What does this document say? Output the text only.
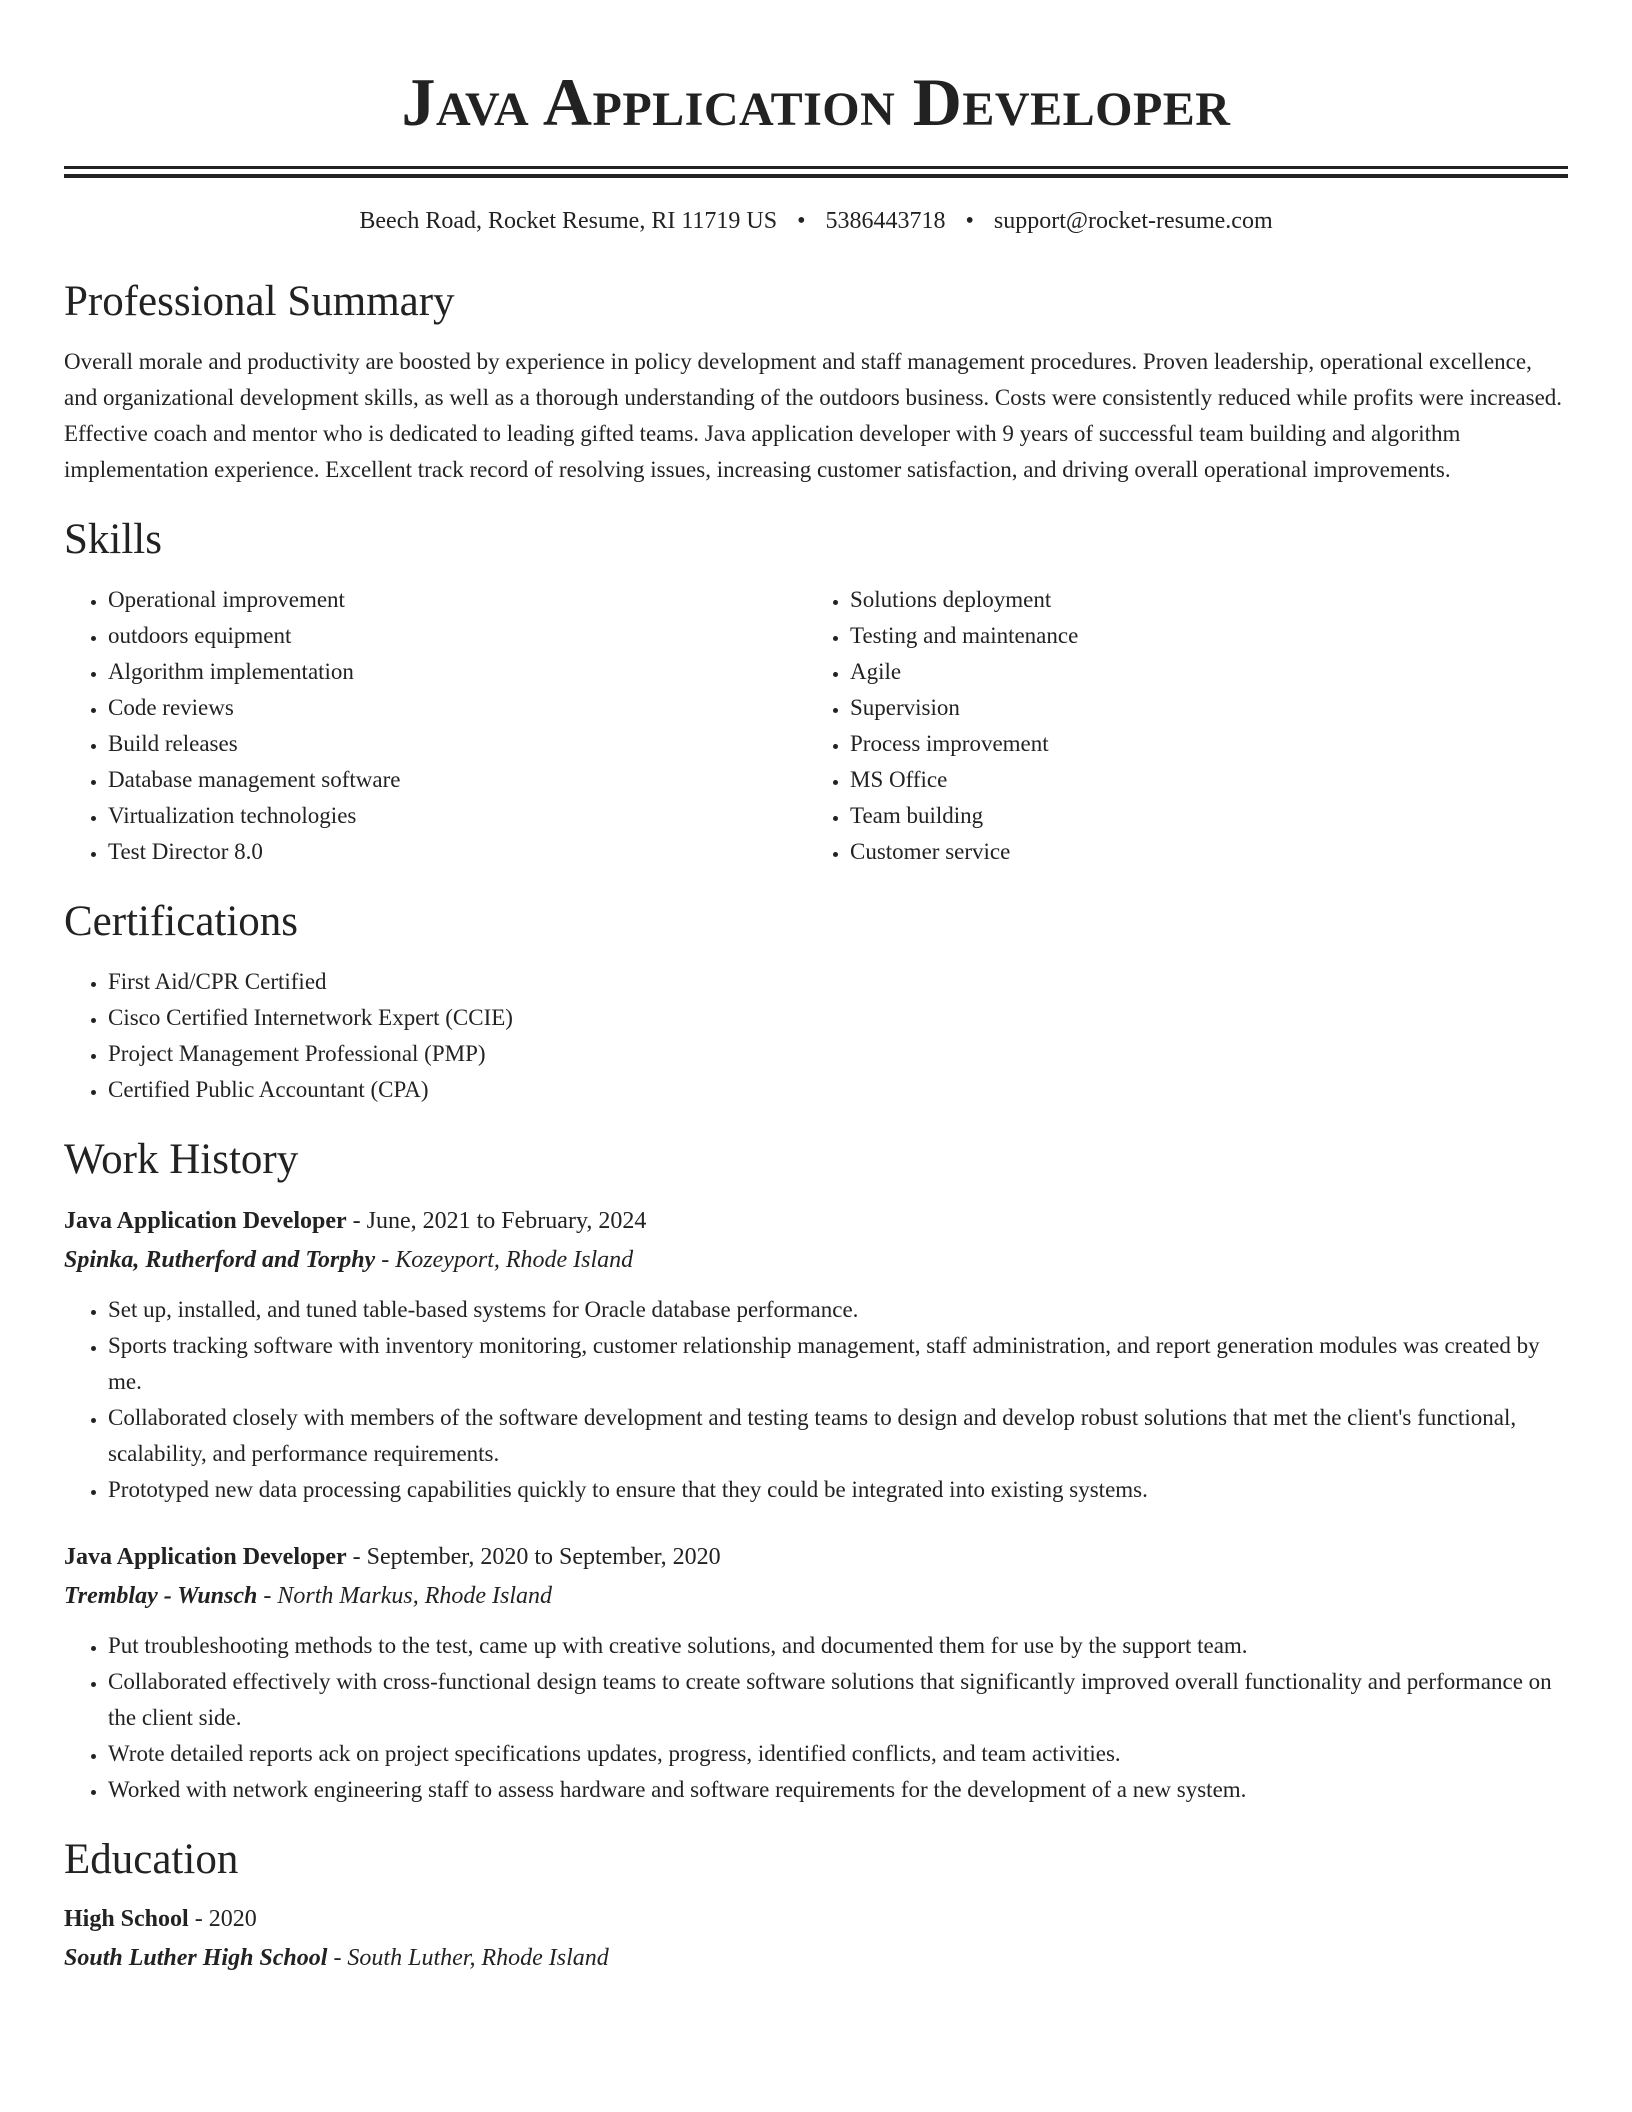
Java Application Developer
Beech Road, Rocket Resume, RI 11719 US • 5386443718 • support@rocket-resume.com
Professional Summary

Overall morale and productivity are boosted by experience in policy development and staff management procedures. Proven leadership, operational excellence, and organizational development skills, as well as a thorough understanding of the outdoors business. Costs were consistently reduced while profits were increased. Effective coach and mentor who is dedicated to leading gifted teams. Java application developer with 9 years of successful team building and algorithm implementation experience. Excellent track record of resolving issues, increasing customer satisfaction, and driving overall operational improvements.

Skills
• Operational improvement
• outdoors equipment
• Algorithm implementation
• Code reviews
• Build releases
• Database management software
• Virtualization technologies
• Test Director 8.0
• Solutions deployment
• Testing and maintenance
• Agile
• Supervision
• Process improvement
• MS Office
• Team building
• Customer service
Certifications
• First Aid/CPR Certified
• Cisco Certified Internetwork Expert (CCIE)
• Project Management Professional (PMP)
• Certified Public Accountant (CPA)
Work History
Java Application Developer - June, 2021 to February, 2024
Spinka, Rutherford and Torphy - Kozeyport, Rhode Island
• Set up, installed, and tuned table-based systems for Oracle database performance.
• Sports tracking software with inventory monitoring, customer relationship management, staff administration, and report generation modules was created by me.
• Collaborated closely with members of the software development and testing teams to design and develop robust solutions that met the client's functional, scalability, and performance requirements.
• Prototyped new data processing capabilities quickly to ensure that they could be integrated into existing systems.
Java Application Developer - September, 2020 to September, 2020
Tremblay - Wunsch - North Markus, Rhode Island
• Put troubleshooting methods to the test, came up with creative solutions, and documented them for use by the support team.
• Collaborated effectively with cross-functional design teams to create software solutions that significantly improved overall functionality and performance on the client side.
• Wrote detailed reports ack on project specifications updates, progress, identified conflicts, and team activities.
• Worked with network engineering staff to assess hardware and software requirements for the development of a new system.
Education
High School - 2020
South Luther High School - South Luther, Rhode Island
